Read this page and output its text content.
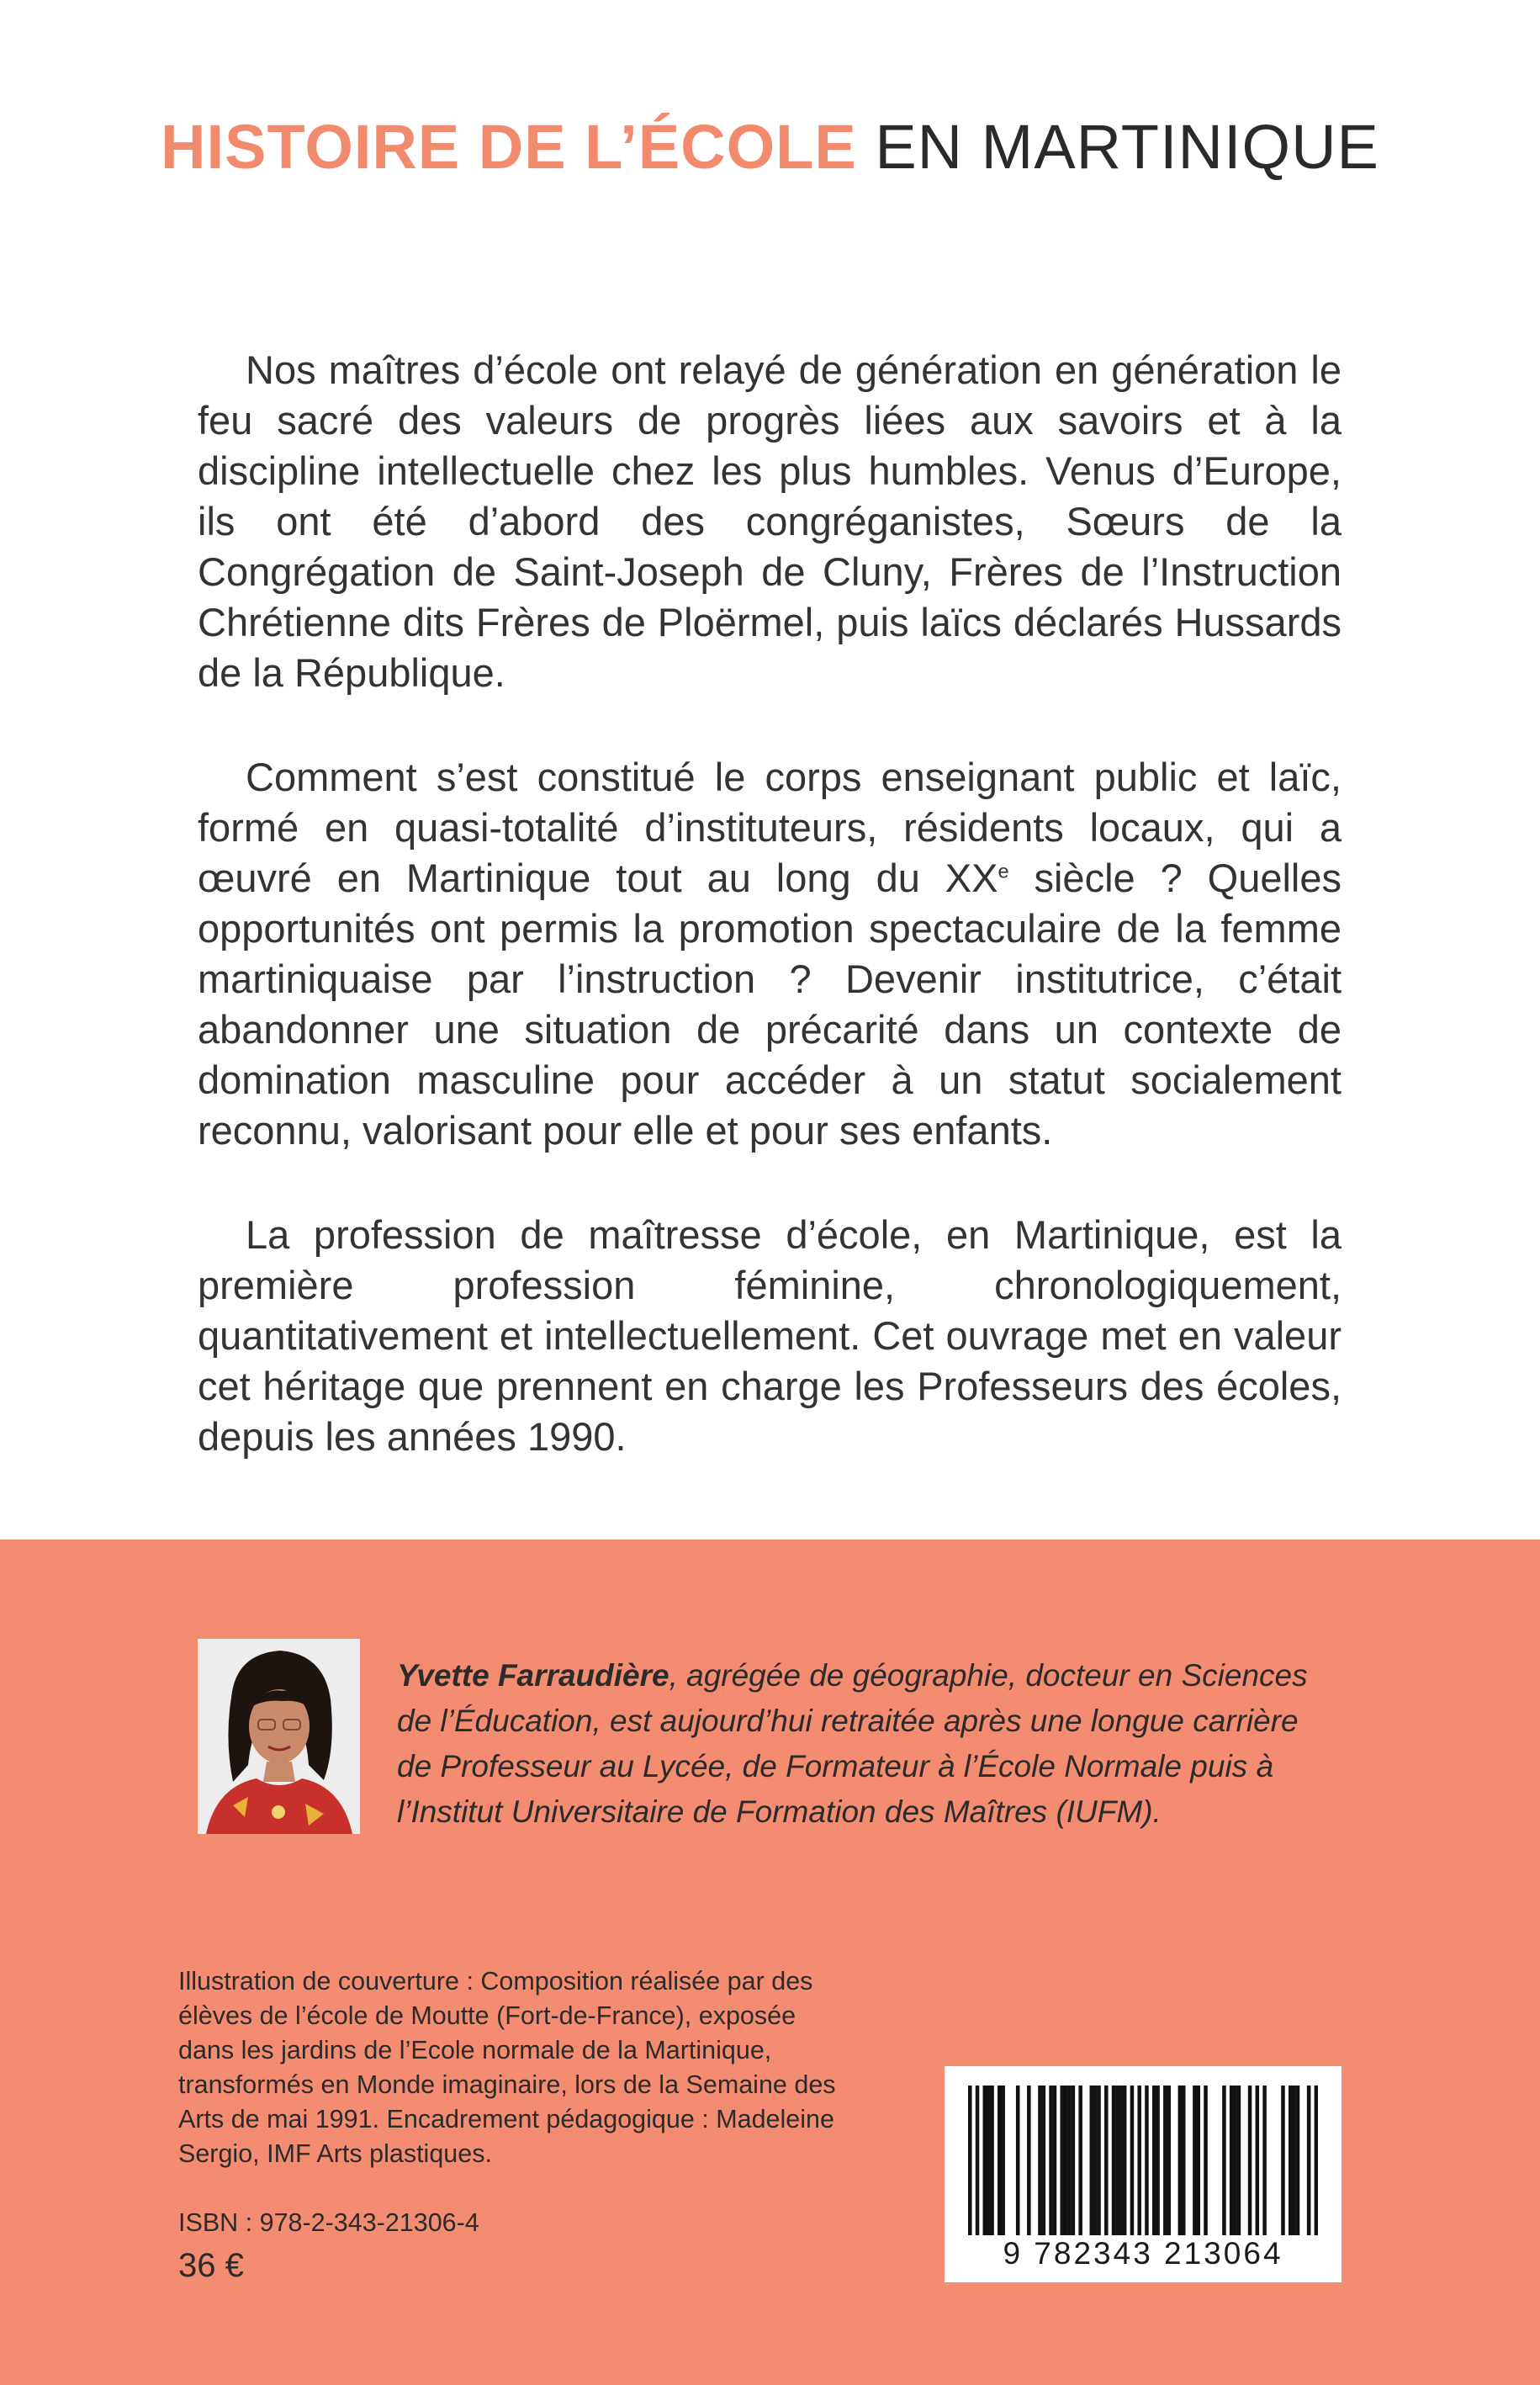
HISTOIRE DE L’ÉCOLE EN MARTINIQUE

Nos maîtres d’école ont relayé de génération en génération le feu sacré des valeurs de progrès liées aux savoirs et à la discipline intellectuelle chez les plus humbles. Venus d’Europe, ils ont été d’abord des congréganistes, Sœurs de la Congrégation de Saint-Joseph de Cluny, Frères de l’Instruction Chrétienne dits Frères de Ploërmel, puis laïcs déclarés Hussards de la République.

Comment s’est constitué le corps enseignant public et laïc, formé en quasi-totalité d’instituteurs, résidents locaux, qui a œuvré en Martinique tout au long du XXe siècle ? Quelles opportunités ont permis la promotion spectaculaire de la femme martiniquaise par l’instruction ? Devenir institutrice, c’était abandonner une situation de précarité dans un contexte de domination masculine pour accéder à un statut socialement reconnu, valorisant pour elle et pour ses enfants.

La profession de maîtresse d’école, en Martinique, est la première profession féminine, chronologiquement, quantitativement et intellectuellement. Cet ouvrage met en valeur cet héritage que prennent en charge les Professeurs des écoles, depuis les années 1990.

Yvette Farraudière, agrégée de géographie, docteur en Sciences de l’Éducation, est aujourd’hui retraitée après une longue carrière de Professeur au Lycée, de Formateur à l’École Normale puis à l’Institut Universitaire de Formation des Maîtres (IUFM).

Illustration de couverture : Composition réalisée par des élèves de l’école de Moutte (Fort-de-France), exposée dans les jardins de l’Ecole normale de la Martinique, transformés en Monde imaginaire, lors de la Semaine des Arts de mai 1991. Encadrement pédagogique : Madeleine Sergio, IMF Arts plastiques.

ISBN : 978-2-343-21306-4
36 €	9 782343 213064
